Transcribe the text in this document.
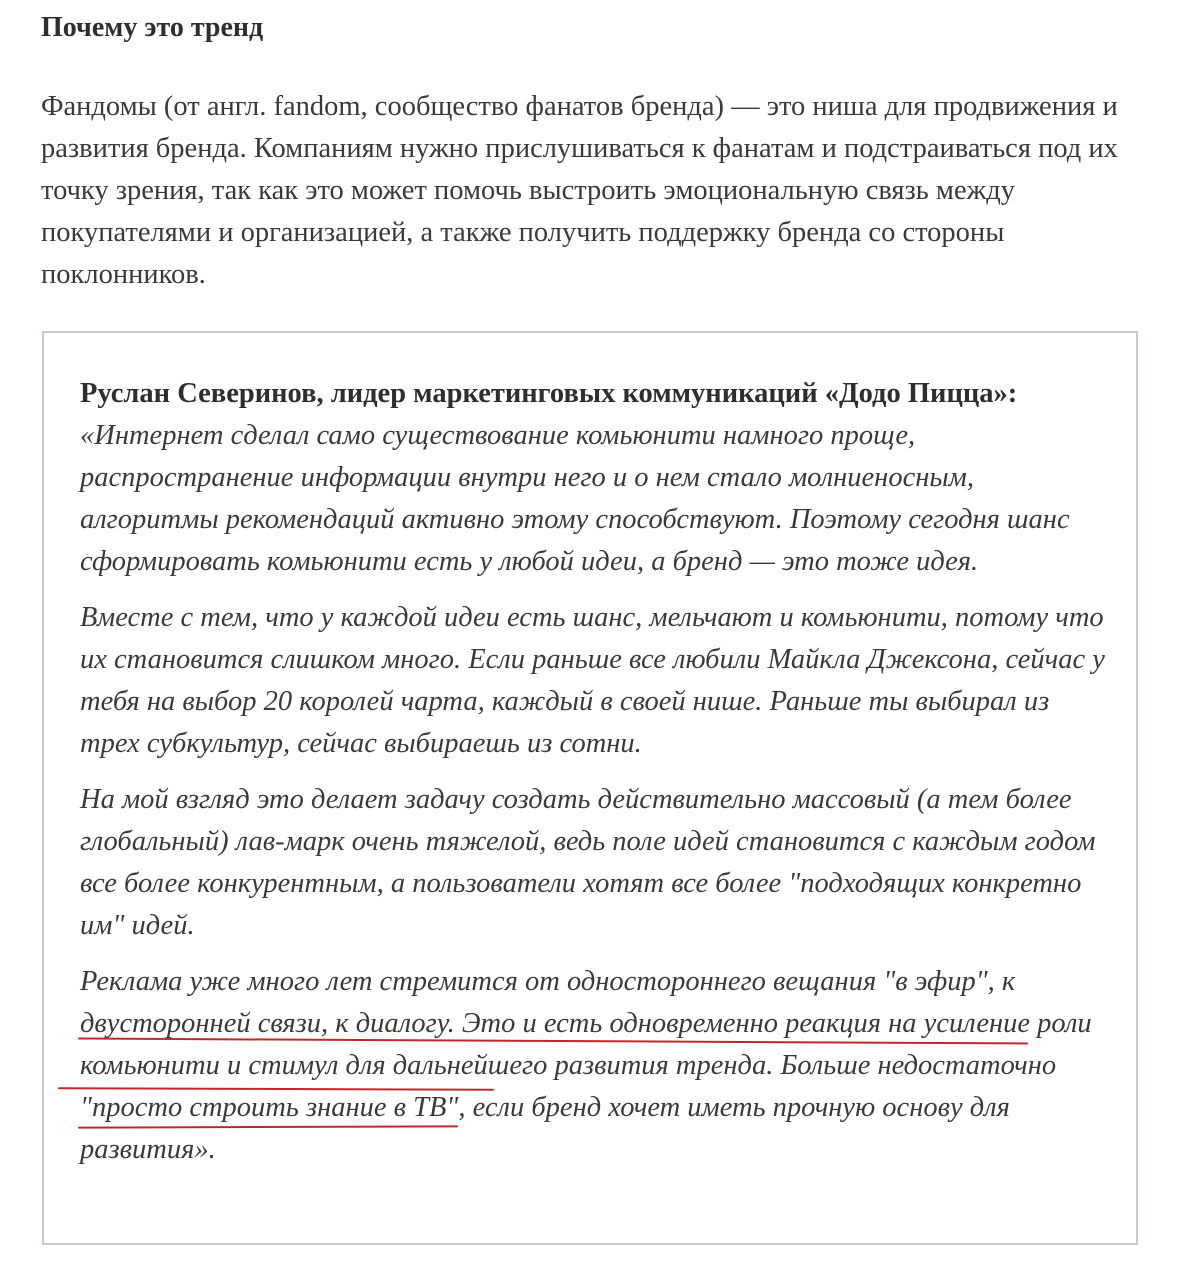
Почему это тренд

Фандомы (от англ. fandom, сообщество фанатов бренда) — это ниша для продвижения и развития бренда. Компаниям нужно прислушиваться к фанатам и подстраиваться под их точку зрения, так как это может помочь выстроить эмоциональную связь между покупателями и организацией, а также получить поддержку бренда со стороны поклонников.

Руслан Северинов, лидер маркетинговых коммуникаций «Додо Пицца»: «Интернет сделал само существование комьюнити намного проще, распространение информации внутри него и о нем стало молниеносным, алгоритмы рекомендаций активно этому способствуют. Поэтому сегодня шанс сформировать комьюнити есть у любой идеи, а бренд — это тоже идея.

Вместе с тем, что у каждой идеи есть шанс, мельчают и комьюнити, потому что их становится слишком много. Если раньше все любили Майкла Джексона, сейчас у тебя на выбор 20 королей чарта, каждый в своей нише. Раньше ты выбирал из трех субкультур, сейчас выбираешь из сотни.

На мой взгляд это делает задачу создать действительно массовый (а тем более глобальный) лав-марк очень тяжелой, ведь поле идей становится с каждым годом все более конкурентным, а пользователи хотят все более "подходящих конкретно им" идей.

Реклама уже много лет стремится от одностороннего вещания "в эфир", к двусторонней связи, к диалогу. Это и есть одновременно реакция на усиление роли комьюнити и стимул для дальнейшего развития тренда. Больше недостаточно "просто строить знание в ТВ", если бренд хочет иметь прочную основу для развития».
